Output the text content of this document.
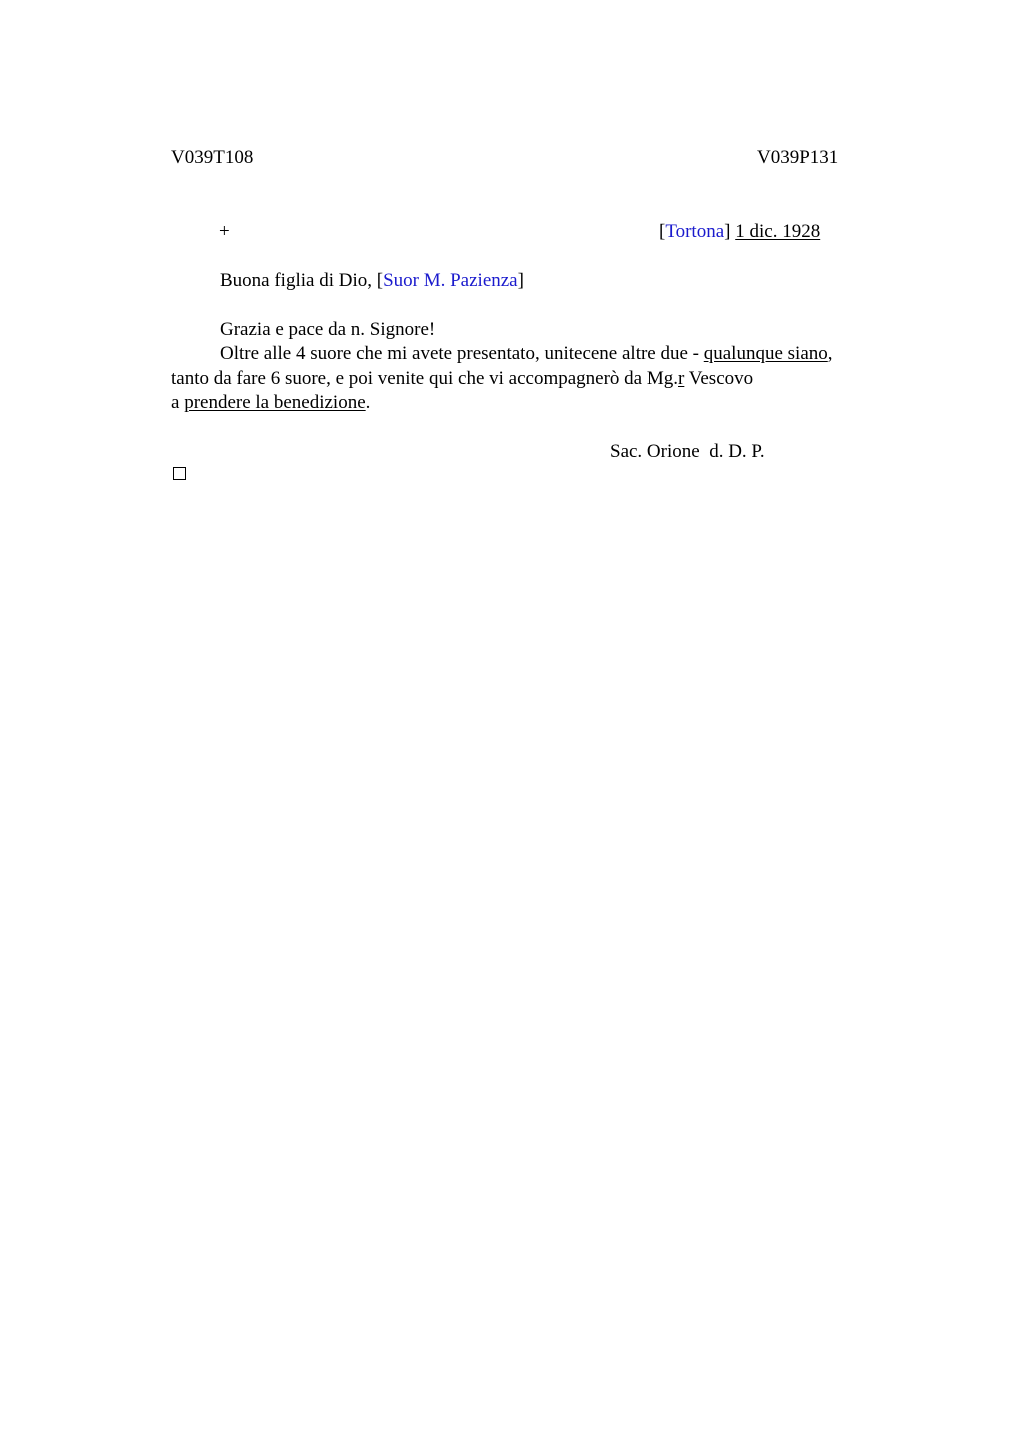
V039T108	V039P131
+	[Tortona] 1 dic. 1928
Buona figlia di Dio, [Suor M. Pazienza]
Grazia e pace da n. Signore!
Oltre alle 4 suore che mi avete presentato, unitecene altre due - qualunque siano,
tanto da fare 6 suore, e poi venite qui che vi accompagnerò da Mg.r Vescovo
a prendere la benedizione.
Sac. Orione  d. D. P.
